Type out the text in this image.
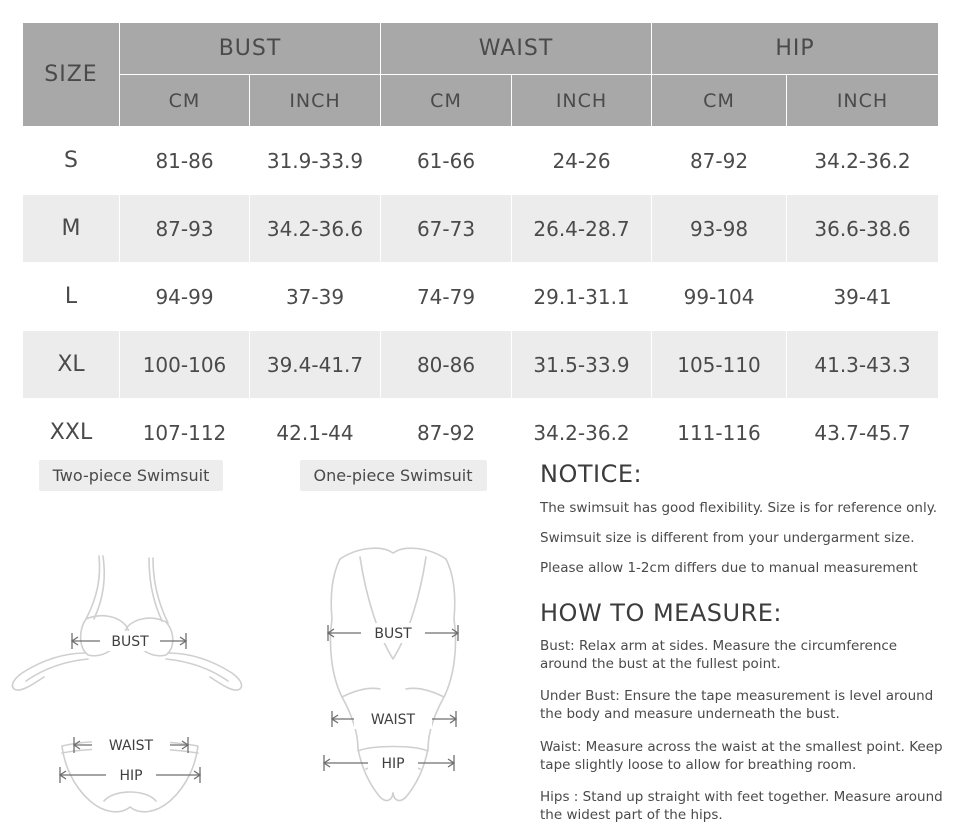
SIZE	BUST		WAIST		HIP	
	CM	INCH	CM	INCH	CM	INCH
S	81-86	31.9-33.9	61-66	24-26	87-92	34.2-36.2
M	87-93	34.2-36.6	67-73	26.4-28.7	93-98	36.6-38.6
L	94-99	37-39	74-79	29.1-31.1	99-104	39-41
XL	100-106	39.4-41.7	80-86	31.5-33.9	105-110	41.3-43.3
XXL	107-112	42.1-44	87-92	34.2-36.2	111-116	43.7-45.7
Two-piece Swimsuit
BUST
WAIST
HIP
One-piece Swimsuit
BUST
WAIST
HIP
NOTICE:
The swimsuit has good flexibility. Size is for reference only.
Swimsuit size is different from your undergarment size.
Please allow 1-2cm differs due to manual measurement
HOW TO MEASURE:
Bust: Relax arm at sides. Measure the circumference around the bust at the fullest point.
Under Bust: Ensure the tape measurement is level around the body and measure underneath the bust.
Waist: Measure across the waist at the smallest point. Keep tape slightly loose to allow for breathing room.
Hips : Stand up straight with feet together. Measure around the widest part of the hips.
